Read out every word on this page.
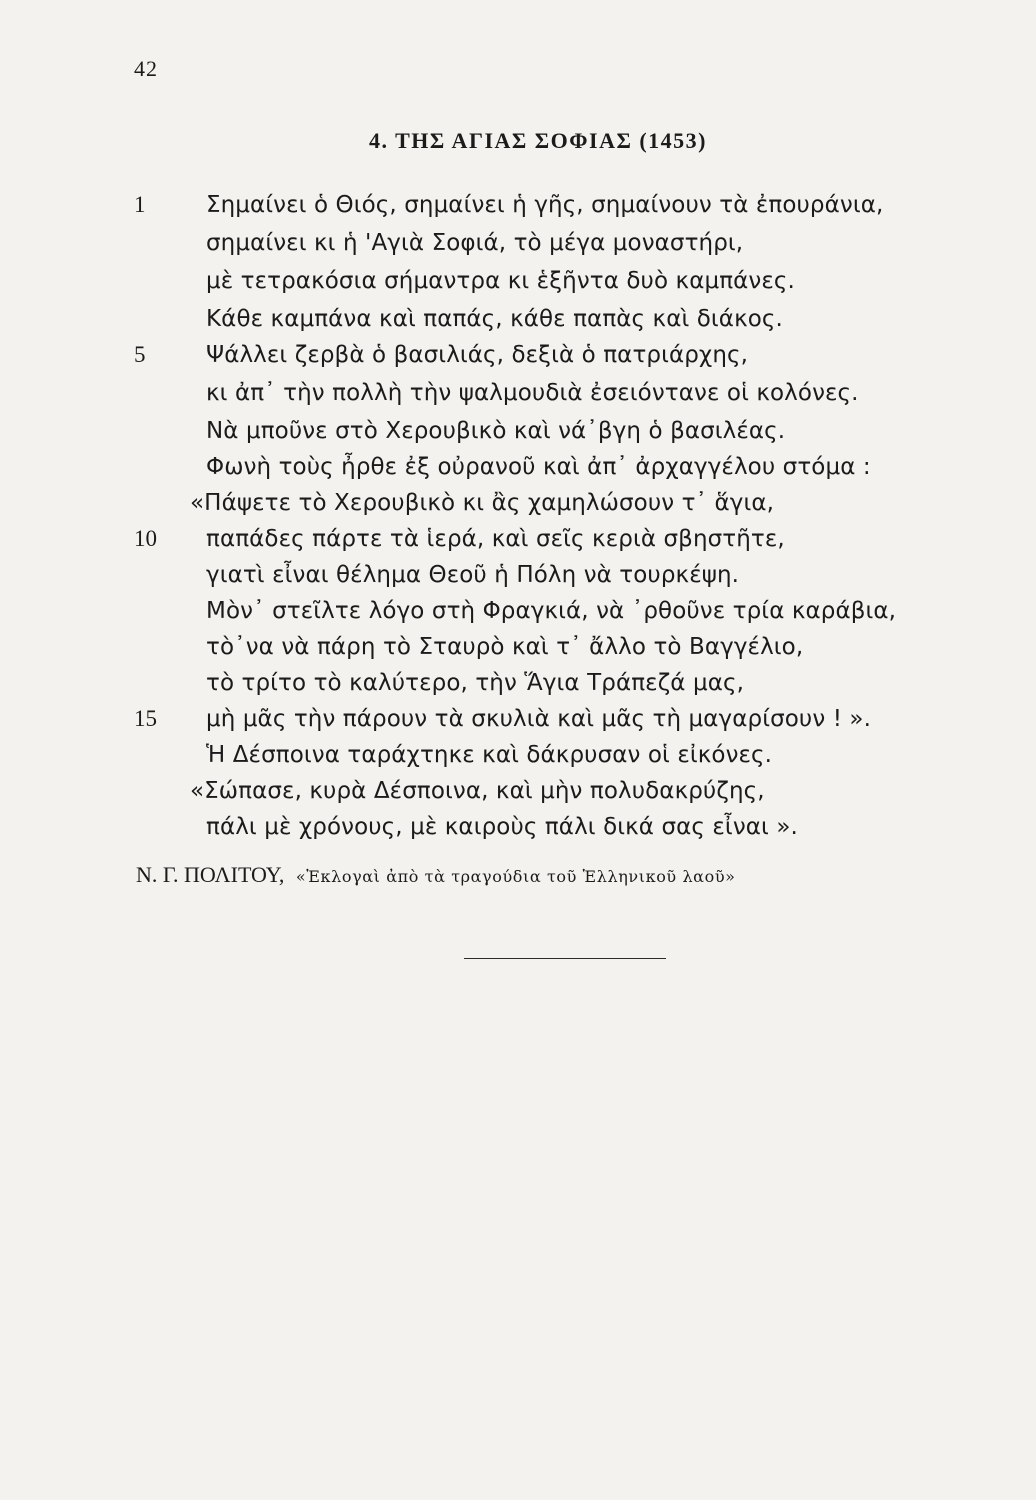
42
4. ΤΗΣ ΑΓΙΑΣ ΣΟΦΙΑΣ (1453)
1	Σημαίνει ὁ Θιός, σημαίνει ἡ γῆς, σημαίνουν τὰ ἐπουράνια,
σημαίνει κι ἡ 'Αγιὰ Σοφιά, τὸ μέγα μοναστήρι,
μὲ τετρακόσια σήμαντρα κι ἑξῆντα δυὸ καμπάνες.
Κάθε καμπάνα καὶ παπάς, κάθε παπὰς καὶ διάκος.
5	Ψάλλει ζερβὰ ὁ βασιλιάς, δεξιὰ ὁ πατριάρχης,
κι ἀπ᾽ τὴν πολλὴ τὴν ψαλμουδιὰ ἐσειόντανε οἱ κολόνες.
Νὰ μποῦνε στὸ Χερουβικὸ καὶ νά᾽βγη ὁ βασιλέας.
Φωνὴ τοὺς ἦρθε ἐξ οὐρανοῦ καὶ ἀπ᾽ ἀρχαγγέλου στόμα :
«Πάψετε τὸ Χερουβικὸ κι ἂς χαμηλώσουν τ᾽ ἅγια,
10	παπάδες πάρτε τὰ ἱερά, καὶ σεῖς κεριὰ σβηστῆτε,
γιατὶ εἶναι θέλημα Θεοῦ ἡ Πόλη νὰ τουρκέψη.
Μὸν᾽ στεῖλτε λόγο στὴ Φραγκιά, νὰ ᾽ρθοῦνε τρία καράβια,
τὸ᾽να νὰ πάρη τὸ Σταυρὸ καὶ τ᾽ ἄλλο τὸ Βαγγέλιο,
τὸ τρίτο τὸ καλύτερο, τὴν Ἅγια Τράπεζά μας,
15	μὴ μᾶς τὴν πάρουν τὰ σκυλιὰ καὶ μᾶς τὴ μαγαρίσουν ! ».
Ἡ Δέσποινα ταράχτηκε καὶ δάκρυσαν οἱ εἰκόνες.
«Σώπασε, κυρὰ Δέσποινα, καὶ μὴν πολυδακρύζης,
πάλι μὲ χρόνους, μὲ καιροὺς πάλι δικά σας εἶναι ».
Ν. Γ. ΠΟΛΙΤΟΥ, «Ἐκλογαὶ ἀπὸ τὰ τραγούδια τοῦ Ἑλληνικοῦ λαοῦ»
